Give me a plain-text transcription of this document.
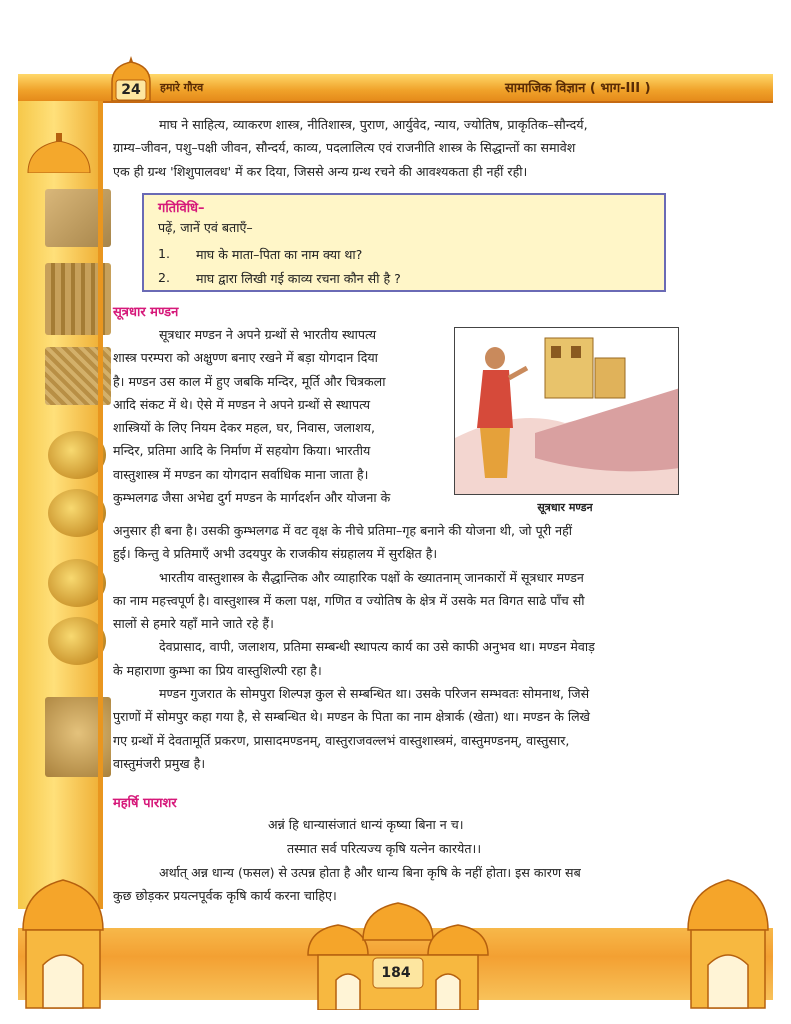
24 हमारे गौरव	सामाजिक विज्ञान ( भाग-III )
माघ ने साहित्य, व्याकरण शास्त्र, नीतिशास्त्र, पुराण, आर्युवेद, न्याय, ज्योतिष, प्राकृतिक–सौन्दर्य,
ग्राम्य–जीवन, पशु–पक्षी जीवन, सौन्दर्य, काव्य, पदलालित्य एवं राजनीति शास्त्र के सिद्धान्तों का समावेश
एक ही ग्रन्थ 'शिशुपालवध' में कर दिया, जिससे अन्य ग्रन्थ रचने की आवश्यकता ही नहीं रही।
गतिविधि–
पढ़ें, जानें एवं बताएँ–
1. माघ के माता–पिता का नाम क्या था?
2. माघ द्वारा लिखी गई काव्य रचना कौन सी है ?
सूत्रधार मण्डन
सूत्रधार मण्डन ने अपने ग्रन्थों से भारतीय स्थापत्य
शास्त्र परम्परा को अक्षुण्ण बनाए रखने में बड़ा योगदान दिया
है। मण्डन उस काल में हुए जबकि मन्दिर, मूर्ति और चित्रकला
आदि संकट में थे। ऐसे में मण्डन ने अपने ग्रन्थों से स्थापत्य
शास्त्रियों के लिए नियम देकर महल, घर, निवास, जलाशय,
मन्दिर, प्रतिमा आदि के निर्माण में सहयोग किया। भारतीय
वास्तुशास्त्र में मण्डन का योगदान सर्वाधिक माना जाता है।
कुम्भलगढ जैसा अभेद्य दुर्ग मण्डन के मार्गदर्शन और योजना के
सूत्रधार मण्डन
अनुसार ही बना है। उसकी कुम्भलगढ में वट वृक्ष के नीचे प्रतिमा–गृह बनाने की योजना थी, जो पूरी नहीं
हुई। किन्तु वे प्रतिमाएँ अभी उदयपुर के राजकीय संग्रहालय में सुरक्षित है।
भारतीय वास्तुशास्त्र के सैद्धान्तिक और व्याहारिक पक्षों के ख्यातनाम् जानकारों में सूत्रधार मण्डन
का नाम महत्त्वपूर्ण है। वास्तुशास्त्र में कला पक्ष, गणित व ज्योतिष के क्षेत्र में उसके मत विगत साढे पाँच सौ
सालों से हमारे यहाँ माने जाते रहे हैं।
देवप्रासाद, वापी, जलाशय, प्रतिमा सम्बन्धी स्थापत्य कार्य का उसे काफी अनुभव था। मण्डन मेवाड़
के महाराणा कुम्भा का प्रिय वास्तुशिल्पी रहा है।
मण्डन गुजरात के सोमपुरा शिल्पज्ञ कुल से सम्बन्धित था। उसके परिजन सम्भवतः सोमनाथ, जिसे
पुराणों में सोमपुर कहा गया है, से सम्बन्धित थे। मण्डन के पिता का नाम क्षेत्रार्क (खेता) था। मण्डन के लिखे
गए ग्रन्थों में देवतामूर्ति प्रकरण, प्रासादमण्डनम्, वास्तुराजवल्लभं वास्तुशास्त्रमं, वास्तुमण्डनम्, वास्तुसार,
वास्तुमंजरी प्रमुख है।
महर्षि पाराशर
अन्नं हि धान्यासंजातं धान्यं कृष्या बिना न च।
तस्मात सर्व परित्यज्य कृषि यत्नेन कारयेत।।
अर्थात् अन्न धान्य (फसल) से उत्पन्न होता है और धान्य बिना कृषि के नहीं होता। इस कारण सब
कुछ छोड़कर प्रयत्नपूर्वक कृषि कार्य करना चाहिए।
184
